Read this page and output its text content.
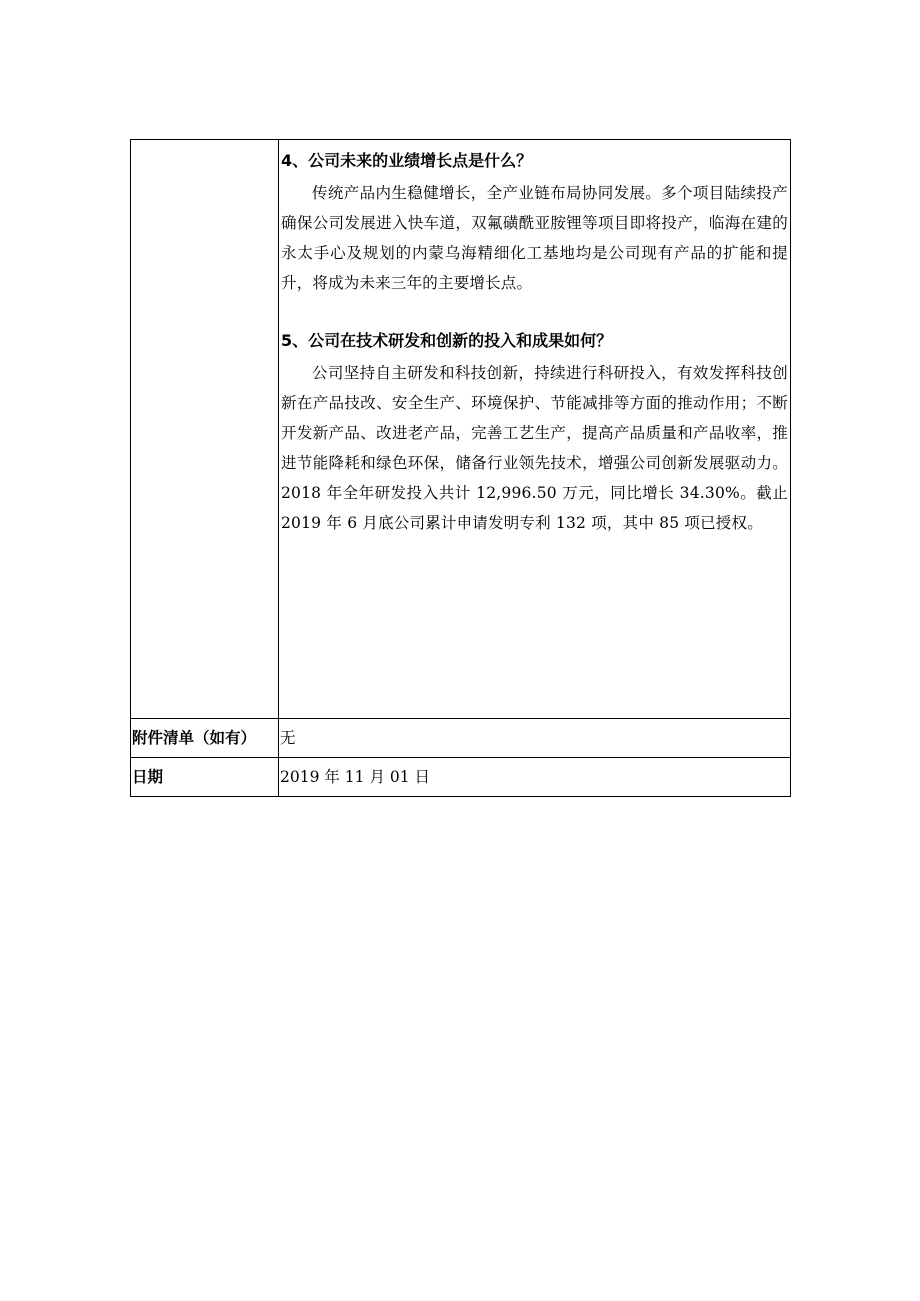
	4、公司未来的业绩增长点是什么？

传统产品内生稳健增长，全产业链布局协同发展。多个项目陆续投产确保公司发展进入快车道，双氟磺酰亚胺锂等项目即将投产，临海在建的永太手心及规划的内蒙乌海精细化工基地均是公司现有产品的扩能和提升，将成为未来三年的主要增长点。

5、公司在技术研发和创新的投入和成果如何？

公司坚持自主研发和科技创新，持续进行科研投入，有效发挥科技创新在产品技改、安全生产、环境保护、节能减排等方面的推动作用；不断开发新产品、改进老产品，完善工艺生产，提高产品质量和产品收率，推进节能降耗和绿色环保，储备行业领先技术，增强公司创新发展驱动力。2018 年全年研发投入共计 12,996.50 万元，同比增长 34.30%。截止 2019 年 6 月底公司累计申请发明专利 132 项，其中 85 项已授权。

附件清单（如有）	无
日期	2019 年 11 月 01 日
